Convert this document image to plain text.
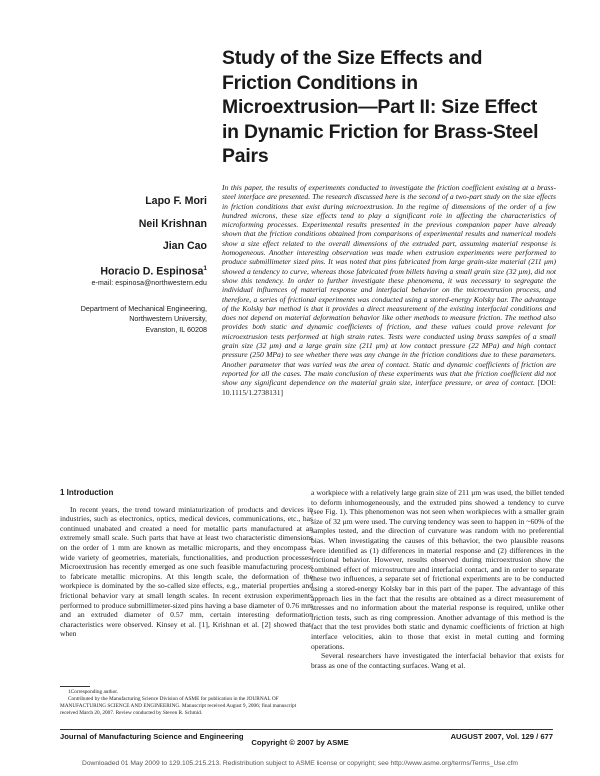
Study of the Size Effects and Friction Conditions in Microextrusion—Part II: Size Effect in Dynamic Friction for Brass-Steel Pairs
Lapo F. Mori
Neil Krishnan
Jian Cao
Horacio D. Espinosa$^1$
e-mail: espinosa@northwestern.edu
Department of Mechanical Engineering,
Northwestern University,
Evanston, IL 60208

In this paper, the results of experiments conducted to investigate the friction coefficient existing at a brass-steel interface are presented. The research discussed here is the second of a two-part study on the size effects in friction conditions that exist during microextrusion. In the regime of dimensions of the order of a few hundred microns, these size effects tend to play a significant role in affecting the characteristics of microforming processes. Experimental results presented in the previous companion paper have already shown that the friction conditions obtained from comparisons of experimental results and numerical models show a size effect related to the overall dimensions of the extruded part, assuming material response is homogeneous. Another interesting observation was made when extrusion experiments were performed to produce submillimeter sized pins. It was noted that pins fabricated from large grain-size material (211 μm) showed a tendency to curve, whereas those fabricated from billets having a small grain size (32 μm), did not show this tendency. In order to further investigate these phenomena, it was necessary to segregate the individual influences of material response and interfacial behavior on the microextrusion process, and therefore, a series of frictional experiments was conducted using a stored-energy Kolsky bar. The advantage of the Kolsky bar method is that it provides a direct measurement of the existing interfacial conditions and does not depend on material deformation behavior like other methods to measure friction. The method also provides both static and dynamic coefficients of friction, and these values could prove relevant for microextrusion tests performed at high strain rates. Tests were conducted using brass samples of a small grain size (32 μm) and a large grain size (211 μm) at low contact pressure (22 MPa) and high contact pressure (250 MPa) to see whether there was any change in the friction conditions due to these parameters. Another parameter that was varied was the area of contact. Static and dynamic coefficients of friction are reported for all the cases. The main conclusion of these experiments was that the friction coefficient did not show any significant dependence on the material grain size, interface pressure, or area of contact. [DOI: 10.1115/1.2738131]

1 Introduction

In recent years, the trend toward miniaturization of products and devices in industries, such as electronics, optics, medical devices, communications, etc., has continued unabated and created a need for metallic parts manufactured at an extremely small scale. Such parts that have at least two characteristic dimensions on the order of 1 mm are known as metallic microparts, and they encompass a wide variety of geometries, materials, functionalities, and production processes. Microextrusion has recently emerged as one such feasible manufacturing process to fabricate metallic micropins. At this length scale, the deformation of the workpiece is dominated by the so-called size effects, e.g., material properties and frictional behavior vary at small length scales. In recent extrusion experiments performed to produce submillimeter-sized pins having a base diameter of 0.76 mm and an extruded diameter of 0.57 mm, certain interesting deformation characteristics were observed. Kinsey et al. [1], Krishnan et al. [2] showed that, when

1Corresponding author.

Contributed by the Manufacturing Science Division of ASME for publication in the JOURNAL OF MANUFACTURING SCIENCE AND ENGINEERING. Manuscript received August 9, 2006; final manuscript received March 20, 2007. Review conducted by Steven R. Schmid.

a workpiece with a relatively large grain size of 211 μm was used, the billet tended to deform inhomogeneously, and the extruded pins showed a tendency to curve (see Fig. 1). This phenomenon was not seen when workpieces with a smaller grain size of 32 μm were used. The curving tendency was seen to happen in ~60% of the samples tested, and the direction of curvature was random with no preferential bias. When investigating the causes of this behavior, the two plausible reasons were identified as (1) differences in material response and (2) differences in the frictional behavior. However, results observed during microextrusion show the combined effect of microstructure and interfacial contact, and in order to separate these two influences, a separate set of frictional experiments are to be conducted using a stored-energy Kolsky bar in this part of the paper. The advantage of this approach lies in the fact that the results are obtained as a direct measurement of stresses and no information about the material response is required, unlike other friction tests, such as ring compression. Another advantage of this method is the fact that the test provides both static and dynamic coefficients of friction at high interface velocities, akin to those that exist in metal cutting and forming operations.

Several researchers have investigated the interfacial behavior that exists for brass as one of the contacting surfaces. Wang et al.

Journal of Manufacturing Science and Engineering	AUGUST 2007, Vol. 129 / 677
Copyright © 2007 by ASME
Downloaded 01 May 2009 to 129.105.215.213. Redistribution subject to ASME license or copyright; see http://www.asme.org/terms/Terms_Use.cfm
